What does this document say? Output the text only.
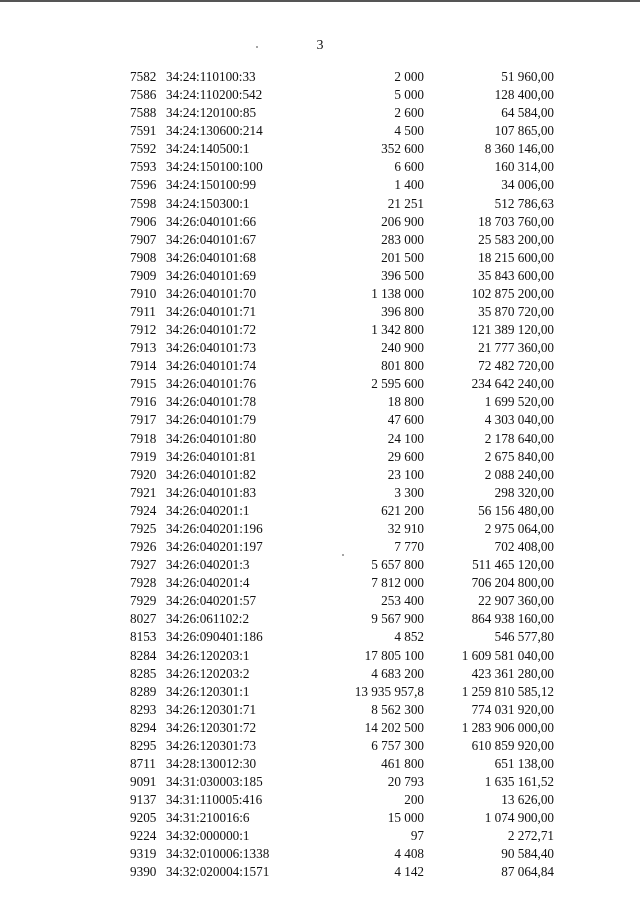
3
7582 34:24:110100:33	2 000	51 960,00
7586 34:24:110200:542	5 000	128 400,00
7588 34:24:120100:85	2 600	64 584,00
7591 34:24:130600:214	4 500	107 865,00
7592 34:24:140500:1	352 600	8 360 146,00
7593 34:24:150100:100	6 600	160 314,00
7596 34:24:150100:99	1 400	34 006,00
7598 34:24:150300:1	21 251	512 786,63
7906 34:26:040101:66	206 900	18 703 760,00
7907 34:26:040101:67	283 000	25 583 200,00
7908 34:26:040101:68	201 500	18 215 600,00
7909 34:26:040101:69	396 500	35 843 600,00
7910 34:26:040101:70	1 138 000	102 875 200,00
7911 34:26:040101:71	396 800	35 870 720,00
7912 34:26:040101:72	1 342 800	121 389 120,00
7913 34:26:040101:73	240 900	21 777 360,00
7914 34:26:040101:74	801 800	72 482 720,00
7915 34:26:040101:76	2 595 600	234 642 240,00
7916 34:26:040101:78	18 800	1 699 520,00
7917 34:26:040101:79	47 600	4 303 040,00
7918 34:26:040101:80	24 100	2 178 640,00
7919 34:26:040101:81	29 600	2 675 840,00
7920 34:26:040101:82	23 100	2 088 240,00
7921 34:26:040101:83	3 300	298 320,00
7924 34:26:040201:1	621 200	56 156 480,00
7925 34:26:040201:196	32 910	2 975 064,00
7926 34:26:040201:197	7 770	702 408,00
7927 34:26:040201:3	5 657 800	511 465 120,00
7928 34:26:040201:4	7 812 000	706 204 800,00
7929 34:26:040201:57	253 400	22 907 360,00
8027 34:26:061102:2	9 567 900	864 938 160,00
8153 34:26:090401:186	4 852	546 577,80
8284 34:26:120203:1	17 805 100	1 609 581 040,00
8285 34:26:120203:2	4 683 200	423 361 280,00
8289 34:26:120301:1	13 935 957,8	1 259 810 585,12
8293 34:26:120301:71	8 562 300	774 031 920,00
8294 34:26:120301:72	14 202 500	1 283 906 000,00
8295 34:26:120301:73	6 757 300	610 859 920,00
8711 34:28:130012:30	461 800	651 138,00
9091 34:31:030003:185	20 793	1 635 161,52
9137 34:31:110005:416	200	13 626,00
9205 34:31:210016:6	15 000	1 074 900,00
9224 34:32:000000:1	97	2 272,71
9319 34:32:010006:1338	4 408	90 584,40
9390 34:32:020004:1571	4 142	87 064,84
